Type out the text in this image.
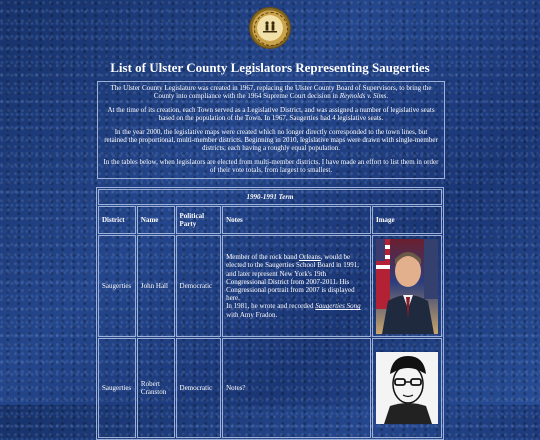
List of Ulster County Legislators Representing Saugerties

The Ulster County Legislature was created in 1967, replacing the Ulster County Board of Supervisors, to bring the County into compliance with the 1964 Supreme Court decision in Reynolds v. Sims.

At the time of its creation, each Town served as a Legislative District, and was assigned a number of legislative seats based on the population of the Town. In 1967, Saugerties had 4 legislative seats.

In the year 2000, the legislative maps were created which no longer directly corresponded to the town lines, but retained the proportional, multi-member districts. Beginning in 2010, legislative maps were drawn with single-member districts, each having a roughly equal population.

In the tables below, when legislators are elected from multi-member districts, I have made an effort to list them in order of their vote totals, from largest to smallest.

1990-1991 Term				
District	Name	Political Party	Notes	Image
Saugerties	John Hall	Democratic	Member of the rock band Orleans, would be elected to the Saugerties School Board in 1991, and later represent New York's 19th Congressional District from 2007-2011. His Congressional portrait from 2007 is displayed here.
In 1981, he wrote and recorded Saugerties Song with Amy Fradon.	

Saugerties	Robert Cranston	Democratic	Notes?	
